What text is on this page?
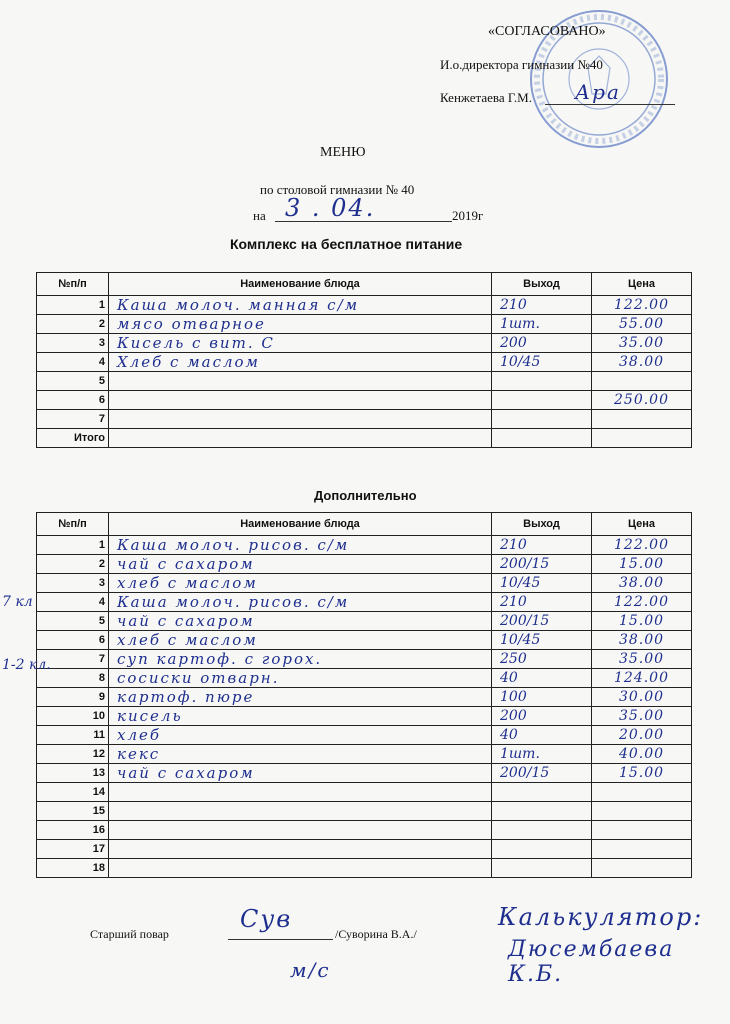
«СОГЛАСОВАНО»
И.о.директора гимназии №40
Кенжетаева Г.М. Ара
МЕНЮ
по столовой гимназии № 40
на 3 . 04.	2019г
Комплекс на бесплатное питание
№п/п	Наименование блюда	Выход	Цена
1	Каша молоч. манная с/м	210	122.00
2	мясо отварное	1шт.	55.00
3	Кисель с вит. С	200	35.00
4	Хлеб с маслом	10/45	38.00
5			
6			250.00
7			
Итого			
Дополнительно
№п/п	Наименование блюда	Выход	Цена
1	Каша молоч. рисов. с/м	210	122.00
2	чай с сахаром	200/15	15.00
3	хлеб с маслом	10/45	38.00
4	Каша молоч. рисов. с/м	210	122.00
5	чай с сахаром	200/15	15.00
6	хлеб с маслом	10/45	38.00
7	суп картоф. с горох.	250	35.00
8	сосиски отварн.	40	124.00
9	картоф. пюре	100	30.00
10	кисель	200	35.00
11	хлеб	40	20.00
12	кекс	1шт.	40.00
13	чай с сахаром	200/15	15.00
14			
15			
16			
17			
18			
7 кл
1-2 кл.
Старший повар
Сув
/Суворина В.А./
м/с
Калькулятор:
Дюсембаева К.Б.
